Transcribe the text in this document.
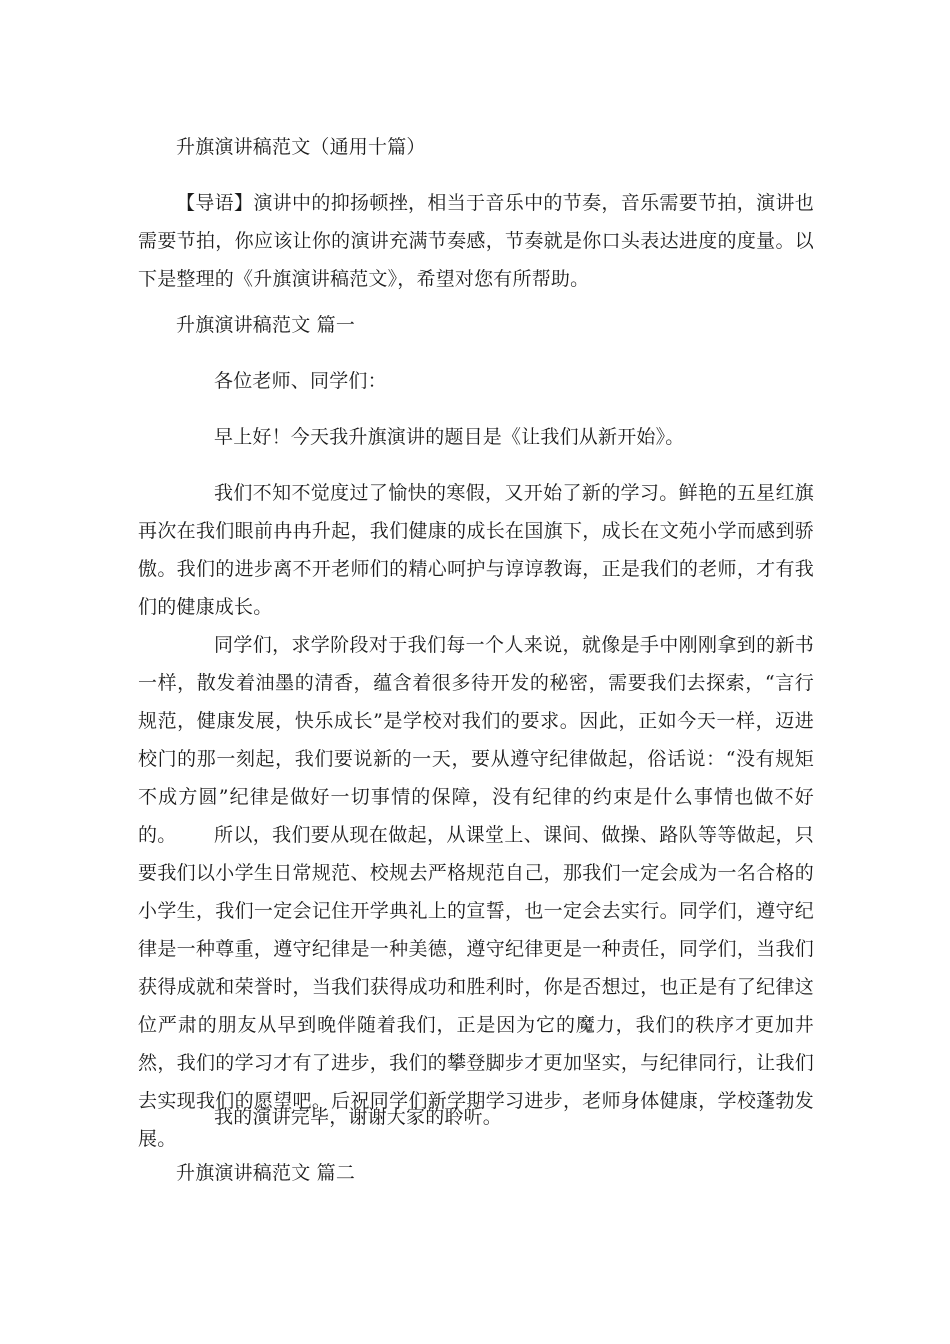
升旗演讲稿范文（通用十篇）

【导语】演讲中的抑扬顿挫，相当于音乐中的节奏，音乐需要节拍，演讲也需要节拍，你应该让你的演讲充满节奏感，节奏就是你口头表达进度的度量。以下是整理的《升旗演讲稿范文》，希望对您有所帮助。

升旗演讲稿范文 篇一

各位老师、同学们：

早上好！今天我升旗演讲的题目是《让我们从新开始》。

我们不知不觉度过了愉快的寒假，又开始了新的学习。鲜艳的五星红旗再次在我们眼前冉冉升起，我们健康的成长在国旗下，成长在文苑小学而感到骄傲。我们的进步离不开老师们的精心呵护与谆谆教诲，正是我们的老师，才有我们的健康成长。

同学们，求学阶段对于我们每一个人来说，就像是手中刚刚拿到的新书一样，散发着油墨的清香，蕴含着很多待开发的秘密，需要我们去探索，“言行规范，健康发展，快乐成长”是学校对我们的要求。因此，正如今天一样，迈进校门的那一刻起，我们要说新的一天，要从遵守纪律做起，俗话说：“没有规矩不成方圆”纪律是做好一切事情的保障，没有纪律的约束是什么事情也做不好的。	所以，我们要从现在做起，从课堂上、课间、做操、路队等等做起，只要我们以小学生日常规范、校规去严格规范自己，那我们一定会成为一名合格的小学生，我们一定会记住开学典礼上的宣誓，也一定会去实行。同学们，遵守纪律是一种尊重，遵守纪律是一种美德，遵守纪律更是一种责任，同学们，当我们获得成就和荣誉时，当我们获得成功和胜利时，你是否想过，也正是有了纪律这位严肃的朋友从早到晚伴随着我们，正是因为它的魔力，我们的秩序才更加井然，我们的学习才有了进步，我们的攀登脚步才更加坚实，与纪律同行，让我们去实现我们的愿望吧。后祝同学们新学期学习进步，老师身体健康，学校蓬勃发展。

我的演讲完毕，谢谢大家的聆听。

升旗演讲稿范文 篇二
